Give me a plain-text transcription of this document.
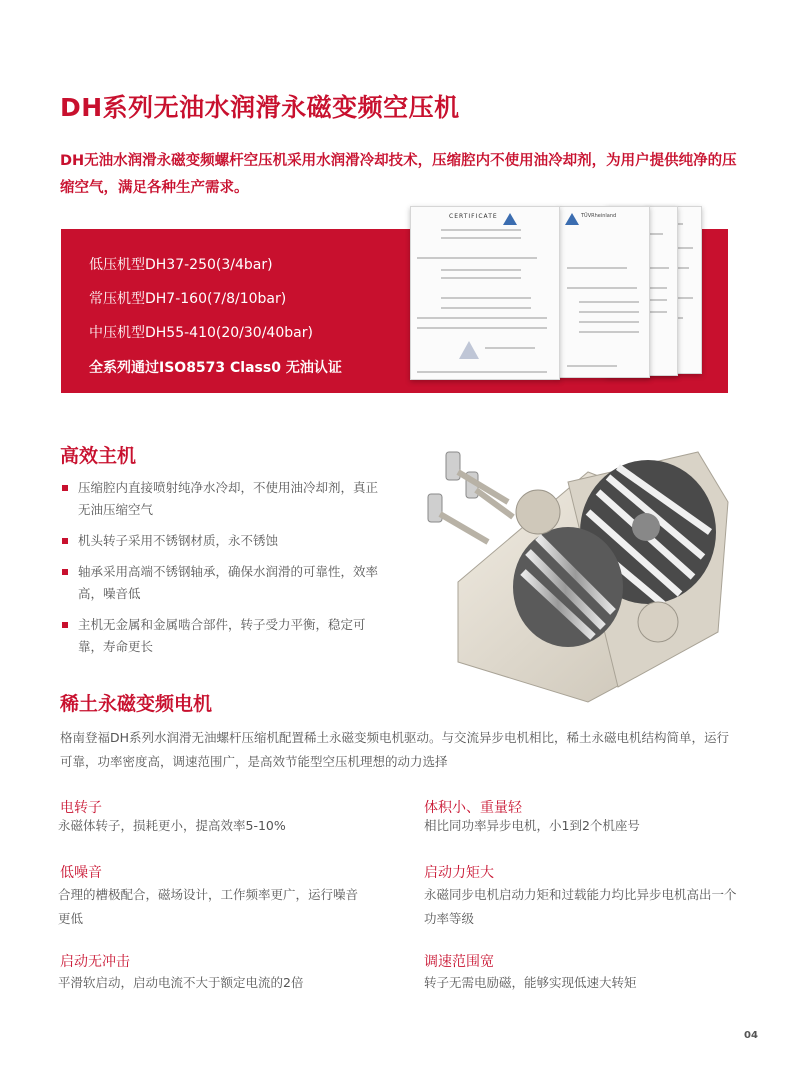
DH系列无油水润滑永磁变频空压机
DH无油水润滑永磁变频螺杆空压机采用水润滑冷却技术，压缩腔内不使用油冷却剂，为用户提供纯净的压缩空气，满足各种生产需求。
低压机型DH37-250(3/4bar)
常压机型DH7-160(7/8/10bar)
中压机型DH55-410(20/30/40bar)
全系列通过ISO8573 Class0 无油认证
TÜVRheinland
CERTIFICATE
高效主机
压缩腔内直接喷射纯净水冷却，不使用油冷却剂，真正无油压缩空气
机头转子采用不锈钢材质，永不锈蚀
轴承采用高端不锈钢轴承，确保水润滑的可靠性，效率高，噪音低
主机无金属和金属啮合部件，转子受力平衡，稳定可靠，寿命更长
稀土永磁变频电机
格南登福DH系列水润滑无油螺杆压缩机配置稀土永磁变频电机驱动。与交流异步电机相比，稀土永磁电机结构简单，运行可靠，功率密度高，调速范围广，是高效节能型空压机理想的动力选择
电转子
永磁体转子，损耗更小，提高效率5-10%
体积小、重量轻
相比同功率异步电机，小1到2个机座号
低噪音
合理的槽极配合，磁场设计，工作频率更广，运行噪音更低
启动力矩大
永磁同步电机启动力矩和过载能力均比异步电机高出一个功率等级
启动无冲击
平滑软启动，启动电流不大于额定电流的2倍
调速范围宽
转子无需电励磁，能够实现低速大转矩
04
